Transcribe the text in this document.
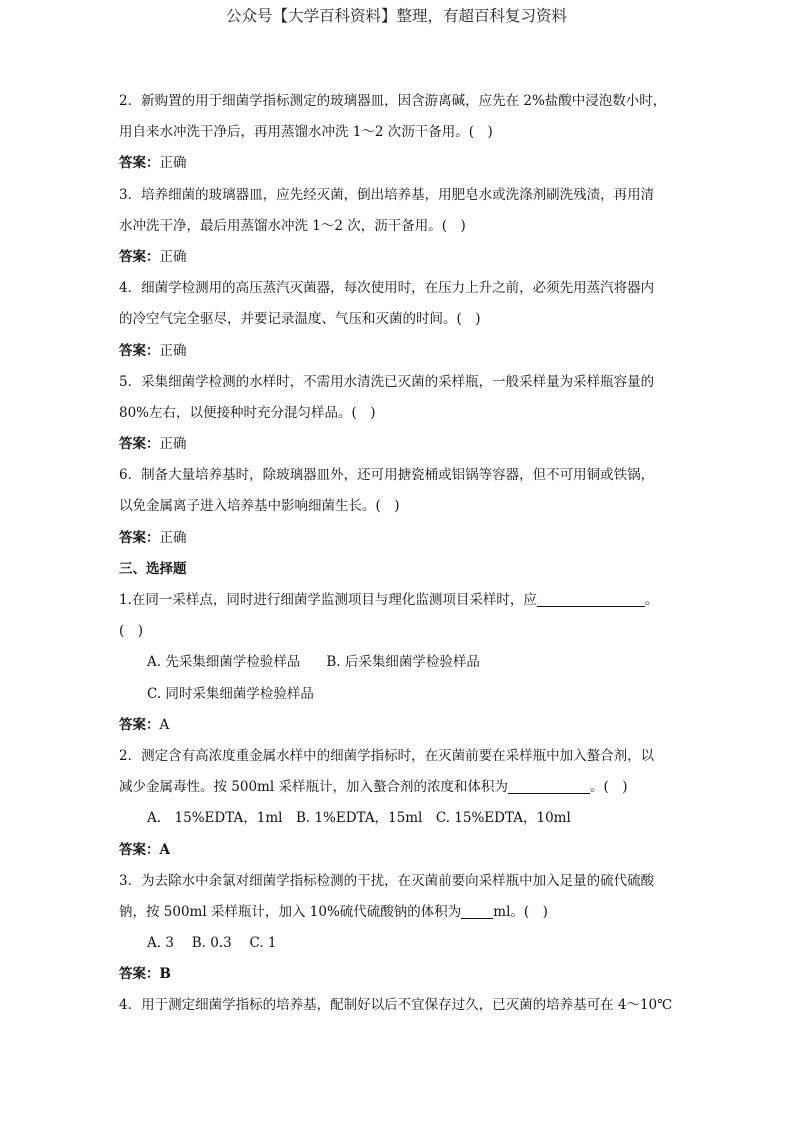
公众号【大学百科资料】整理，有超百科复习资料
2．新购置的用于细菌学指标测定的玻璃器皿，因含游离碱，应先在 2%盐酸中浸泡数小时，
用自来水冲洗干净后，再用蒸馏水冲洗 1～2 次沥干备用。(　)
答案：正确
3．培养细菌的玻璃器皿，应先经灭菌，倒出培养基，用肥皂水或洗涤剂刷洗残渍，再用清
水冲洗干净，最后用蒸馏水冲洗 1～2 次，沥干备用。(　)
答案：正确
4．细菌学检测用的高压蒸汽灭菌器，每次使用时，在压力上升之前，必须先用蒸汽将器内
的冷空气完全驱尽，并要记录温度、气压和灭菌的时间。(　)
答案：正确
5．采集细菌学检测的水样时，不需用水清洗已灭菌的采样瓶，一般采样量为采样瓶容量的
80%左右，以便接种时充分混匀样品。(　)
答案：正确
6．制备大量培养基时，除玻璃器皿外，还可用搪瓷桶或铝锅等容器，但不可用铜或铁锅，
以免金属离子进入培养基中影响细菌生长。(　)
答案：正确
三、选择题
1.在同一采样点，同时进行细菌学监测项目与理化监测项目采样时，应	。
(　)
A. 先采集细菌学检验样品 B. 后采集细菌学检验样品
C. 同时采集细菌学检验样品
答案：A
2．测定含有高浓度重金属水样中的细菌学指标时，在灭菌前要在采样瓶中加入螯合剂，以
减少金属毒性。按 500ml 采样瓶计，加入螯合剂的浓度和体积为	。(　)
A.　15%EDTA，1ml　B. 1%EDTA，15ml　C. 15%EDTA，10ml
答案：A
3．为去除水中余氯对细菌学指标检测的干扰，在灭菌前要向采样瓶中加入足量的硫代硫酸
钠，按 500ml 采样瓶计，加入 10%硫代硫酸钠的体积为 ml。(　)
A. 3　 B. 0.3　 C. 1
答案：B
4．用于测定细菌学指标的培养基，配制好以后不宜保存过久，已灭菌的培养基可在 4～10℃
